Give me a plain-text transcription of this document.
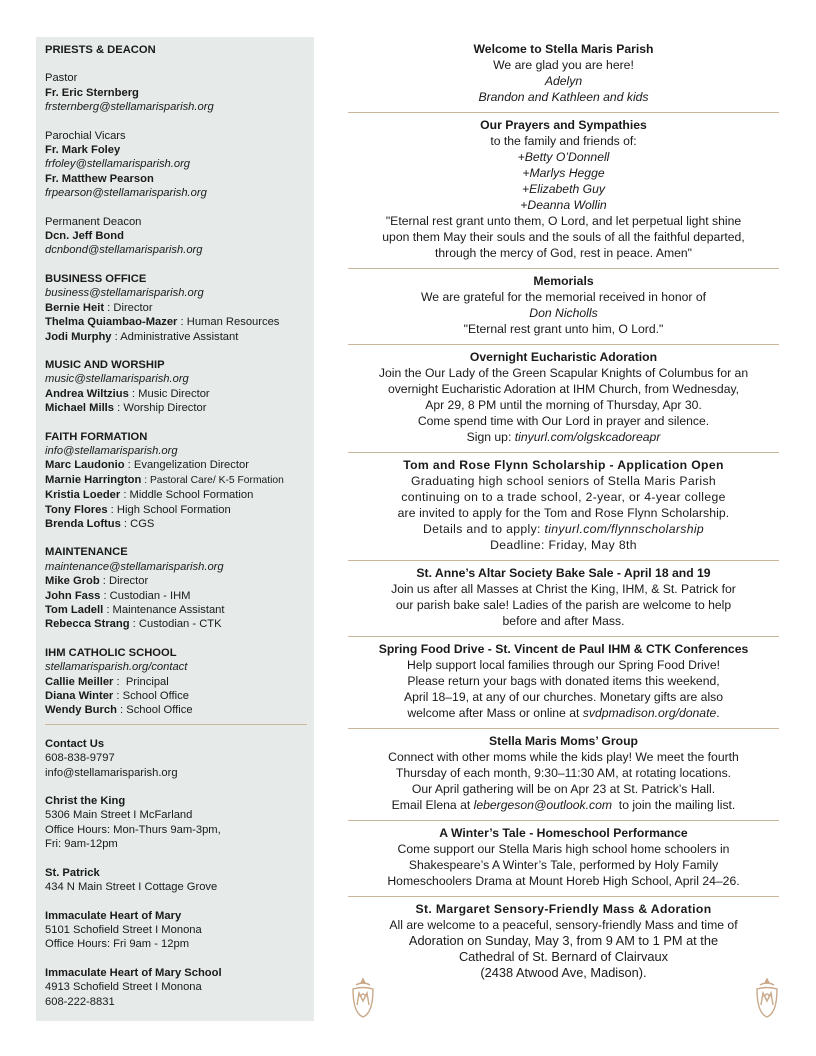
PRIESTS & DEACON
Pastor
Fr. Eric Sternberg
frsternberg@stellamarisparish.org
Parochial Vicars
Fr. Mark Foley
frfoley@stellamarisparish.org
Fr. Matthew Pearson
frpearson@stellamarisparish.org
Permanent Deacon
Dcn. Jeff Bond
dcnbond@stellamarisparish.org
BUSINESS OFFICE
business@stellamarisparish.org
Bernie Heit : Director
Thelma Quiambao-Mazer : Human Resources
Jodi Murphy : Administrative Assistant
MUSIC AND WORSHIP
music@stellamarisparish.org
Andrea Wiltzius : Music Director
Michael Mills : Worship Director
FAITH FORMATION
info@stellamarisparish.org
Marc Laudonio : Evangelization Director
Marnie Harrington : Pastoral Care/ K-5 Formation
Kristia Loeder : Middle School Formation
Tony Flores : High School Formation
Brenda Loftus : CGS
MAINTENANCE
maintenance@stellamarisparish.org
Mike Grob : Director
John Fass : Custodian - IHM
Tom Ladell : Maintenance Assistant
Rebecca Strang : Custodian - CTK
IHM CATHOLIC SCHOOL
stellamarisparish.org/contact
Callie Meiller :  Principal
Diana Winter : School Office
Wendy Burch : School Office
Contact Us
608-838-9797
info@stellamarisparish.org
Christ the King
5306 Main Street I McFarland
Office Hours: Mon-Thurs 9am-3pm,
Fri: 9am-12pm
St. Patrick
434 N Main Street I Cottage Grove
Immaculate Heart of Mary
5101 Schofield Street I Monona
Office Hours: Fri 9am - 12pm
Immaculate Heart of Mary School
4913 Schofield Street I Monona
608-222-8831
Welcome to Stella Maris Parish
We are glad you are here!
Adelyn
Brandon and Kathleen and kids
Our Prayers and Sympathies
to the family and friends of:
+Betty O’Donnell
+Marlys Hegge
+Elizabeth Guy
+Deanna Wollin
"Eternal rest grant unto them, O Lord, and let perpetual light shine
upon them May their souls and the souls of all the faithful departed,
through the mercy of God, rest in peace. Amen"
Memorials
We are grateful for the memorial received in honor of
Don Nicholls
"Eternal rest grant unto him, O Lord."
Overnight Eucharistic Adoration
Join the Our Lady of the Green Scapular Knights of Columbus for an
overnight Eucharistic Adoration at IHM Church, from Wednesday,
Apr 29, 8 PM until the morning of Thursday, Apr 30.
Come spend time with Our Lord in prayer and silence.
Sign up: tinyurl.com/olgskcadoreapr
Tom and Rose Flynn Scholarship - Application Open
Graduating high school seniors of Stella Maris Parish
continuing on to a trade school, 2-year, or 4-year college
are invited to apply for the Tom and Rose Flynn Scholarship.
Details and to apply: tinyurl.com/flynnscholarship
Deadline: Friday, May 8th
St. Anne’s Altar Society Bake Sale - April 18 and 19
Join us after all Masses at Christ the King, IHM, & St. Patrick for
our parish bake sale! Ladies of the parish are welcome to help
before and after Mass.
Spring Food Drive - St. Vincent de Paul IHM & CTK Conferences
Help support local families through our Spring Food Drive!
Please return your bags with donated items this weekend,
April 18–19, at any of our churches. Monetary gifts are also
welcome after Mass or online at svdpmadison.org/donate.
Stella Maris Moms’ Group
Connect with other moms while the kids play! We meet the fourth
Thursday of each month, 9:30–11:30 AM, at rotating locations.
Our April gathering will be on Apr 23 at St. Patrick’s Hall.
Email Elena at lebergeson@outlook.com  to join the mailing list.
A Winter’s Tale - Homeschool Performance
Come support our Stella Maris high school home schoolers in
Shakespeare’s A Winter’s Tale, performed by Holy Family
Homeschoolers Drama at Mount Horeb High School, April 24–26.
St. Margaret Sensory-Friendly Mass & Adoration
All are welcome to a peaceful, sensory-friendly Mass and time of
Adoration on Sunday, May 3, from 9 AM to 1 PM at the
Cathedral of St. Bernard of Clairvaux
(2438 Atwood Ave, Madison).
